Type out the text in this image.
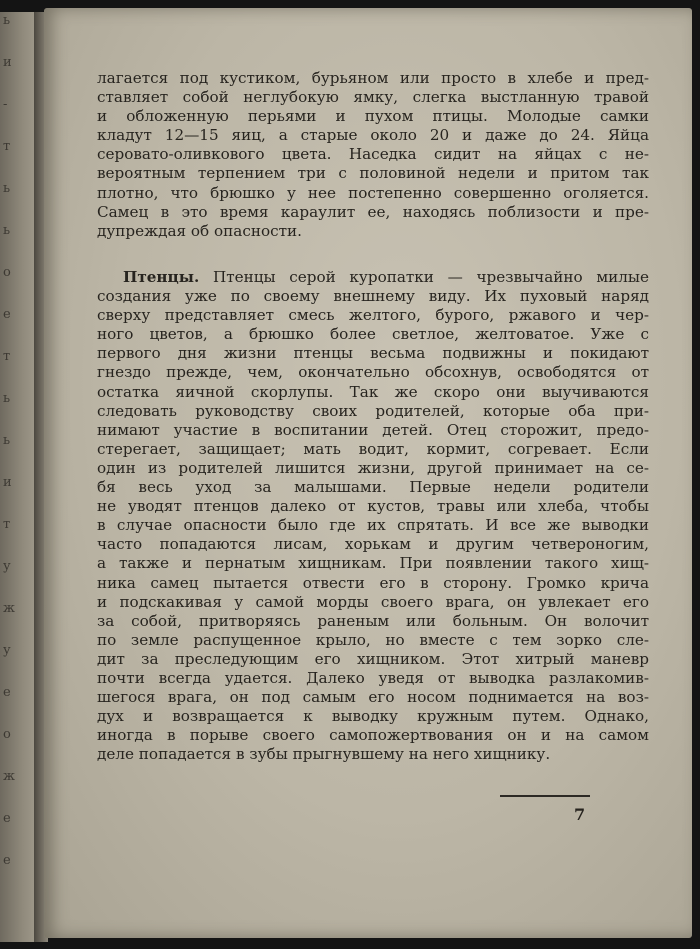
ь
и
-
т
ь
ь
о
е
т
ь
ь
и
т
у
ж
у
е
о
ж
е
е
лагается под кустиком, бурьяном или просто в хлебе и пред-
ставляет собой неглубокую ямку, слегка выстланную травой
и обложенную перьями и пухом птицы. Молодые самки
кладут 12—15 яиц, а старые около 20 и даже до 24. Яйца
серовато-оливкового цвета. Наседка сидит на яйцах с не-
вероятным терпением три с половиной недели и притом так
плотно, что брюшко у нее постепенно совершенно оголяется.
Самец в это время караулит ее, находясь поблизости и пре-
дупреждая об опасности.
Птенцы. Птенцы серой куропатки — чрезвычайно милые
создания уже по своему внешнему виду. Их пуховый наряд
сверху представляет смесь желтого, бурого, ржавого и чер-
ного цветов, а брюшко более светлое, желтоватое. Уже с
первого дня жизни птенцы весьма подвижны и покидают
гнездо прежде, чем, окончательно обсохнув, освободятся от
остатка яичной скорлупы. Так же скоро они выучиваются
следовать руководству своих родителей, которые оба при-
нимают участие в воспитании детей. Отец сторожит, предо-
стерегает, защищает; мать водит, кормит, согревает. Если
один из родителей лишится жизни, другой принимает на се-
бя весь уход за малышами. Первые недели родители
не уводят птенцов далеко от кустов, травы или хлеба, чтобы
в случае опасности было где их спрятать. И все же выводки
часто попадаются лисам, хорькам и другим четвероногим,
а также и пернатым хищникам. При появлении такого хищ-
ника самец пытается отвести его в сторону. Громко крича
и подскакивая у самой морды своего врага, он увлекает его
за собой, притворяясь раненым или больным. Он волочит
по земле распущенное крыло, но вместе с тем зорко сле-
дит за преследующим его хищником. Этот хитрый маневр
почти всегда удается. Далеко уведя от выводка разлакомив-
шегося врага, он под самым его носом поднимается на воз-
дух и возвращается к выводку кружным путем. Однако,
иногда в порыве своего самопожертвования он и на самом
деле попадается в зубы прыгнувшему на него хищнику.
7
